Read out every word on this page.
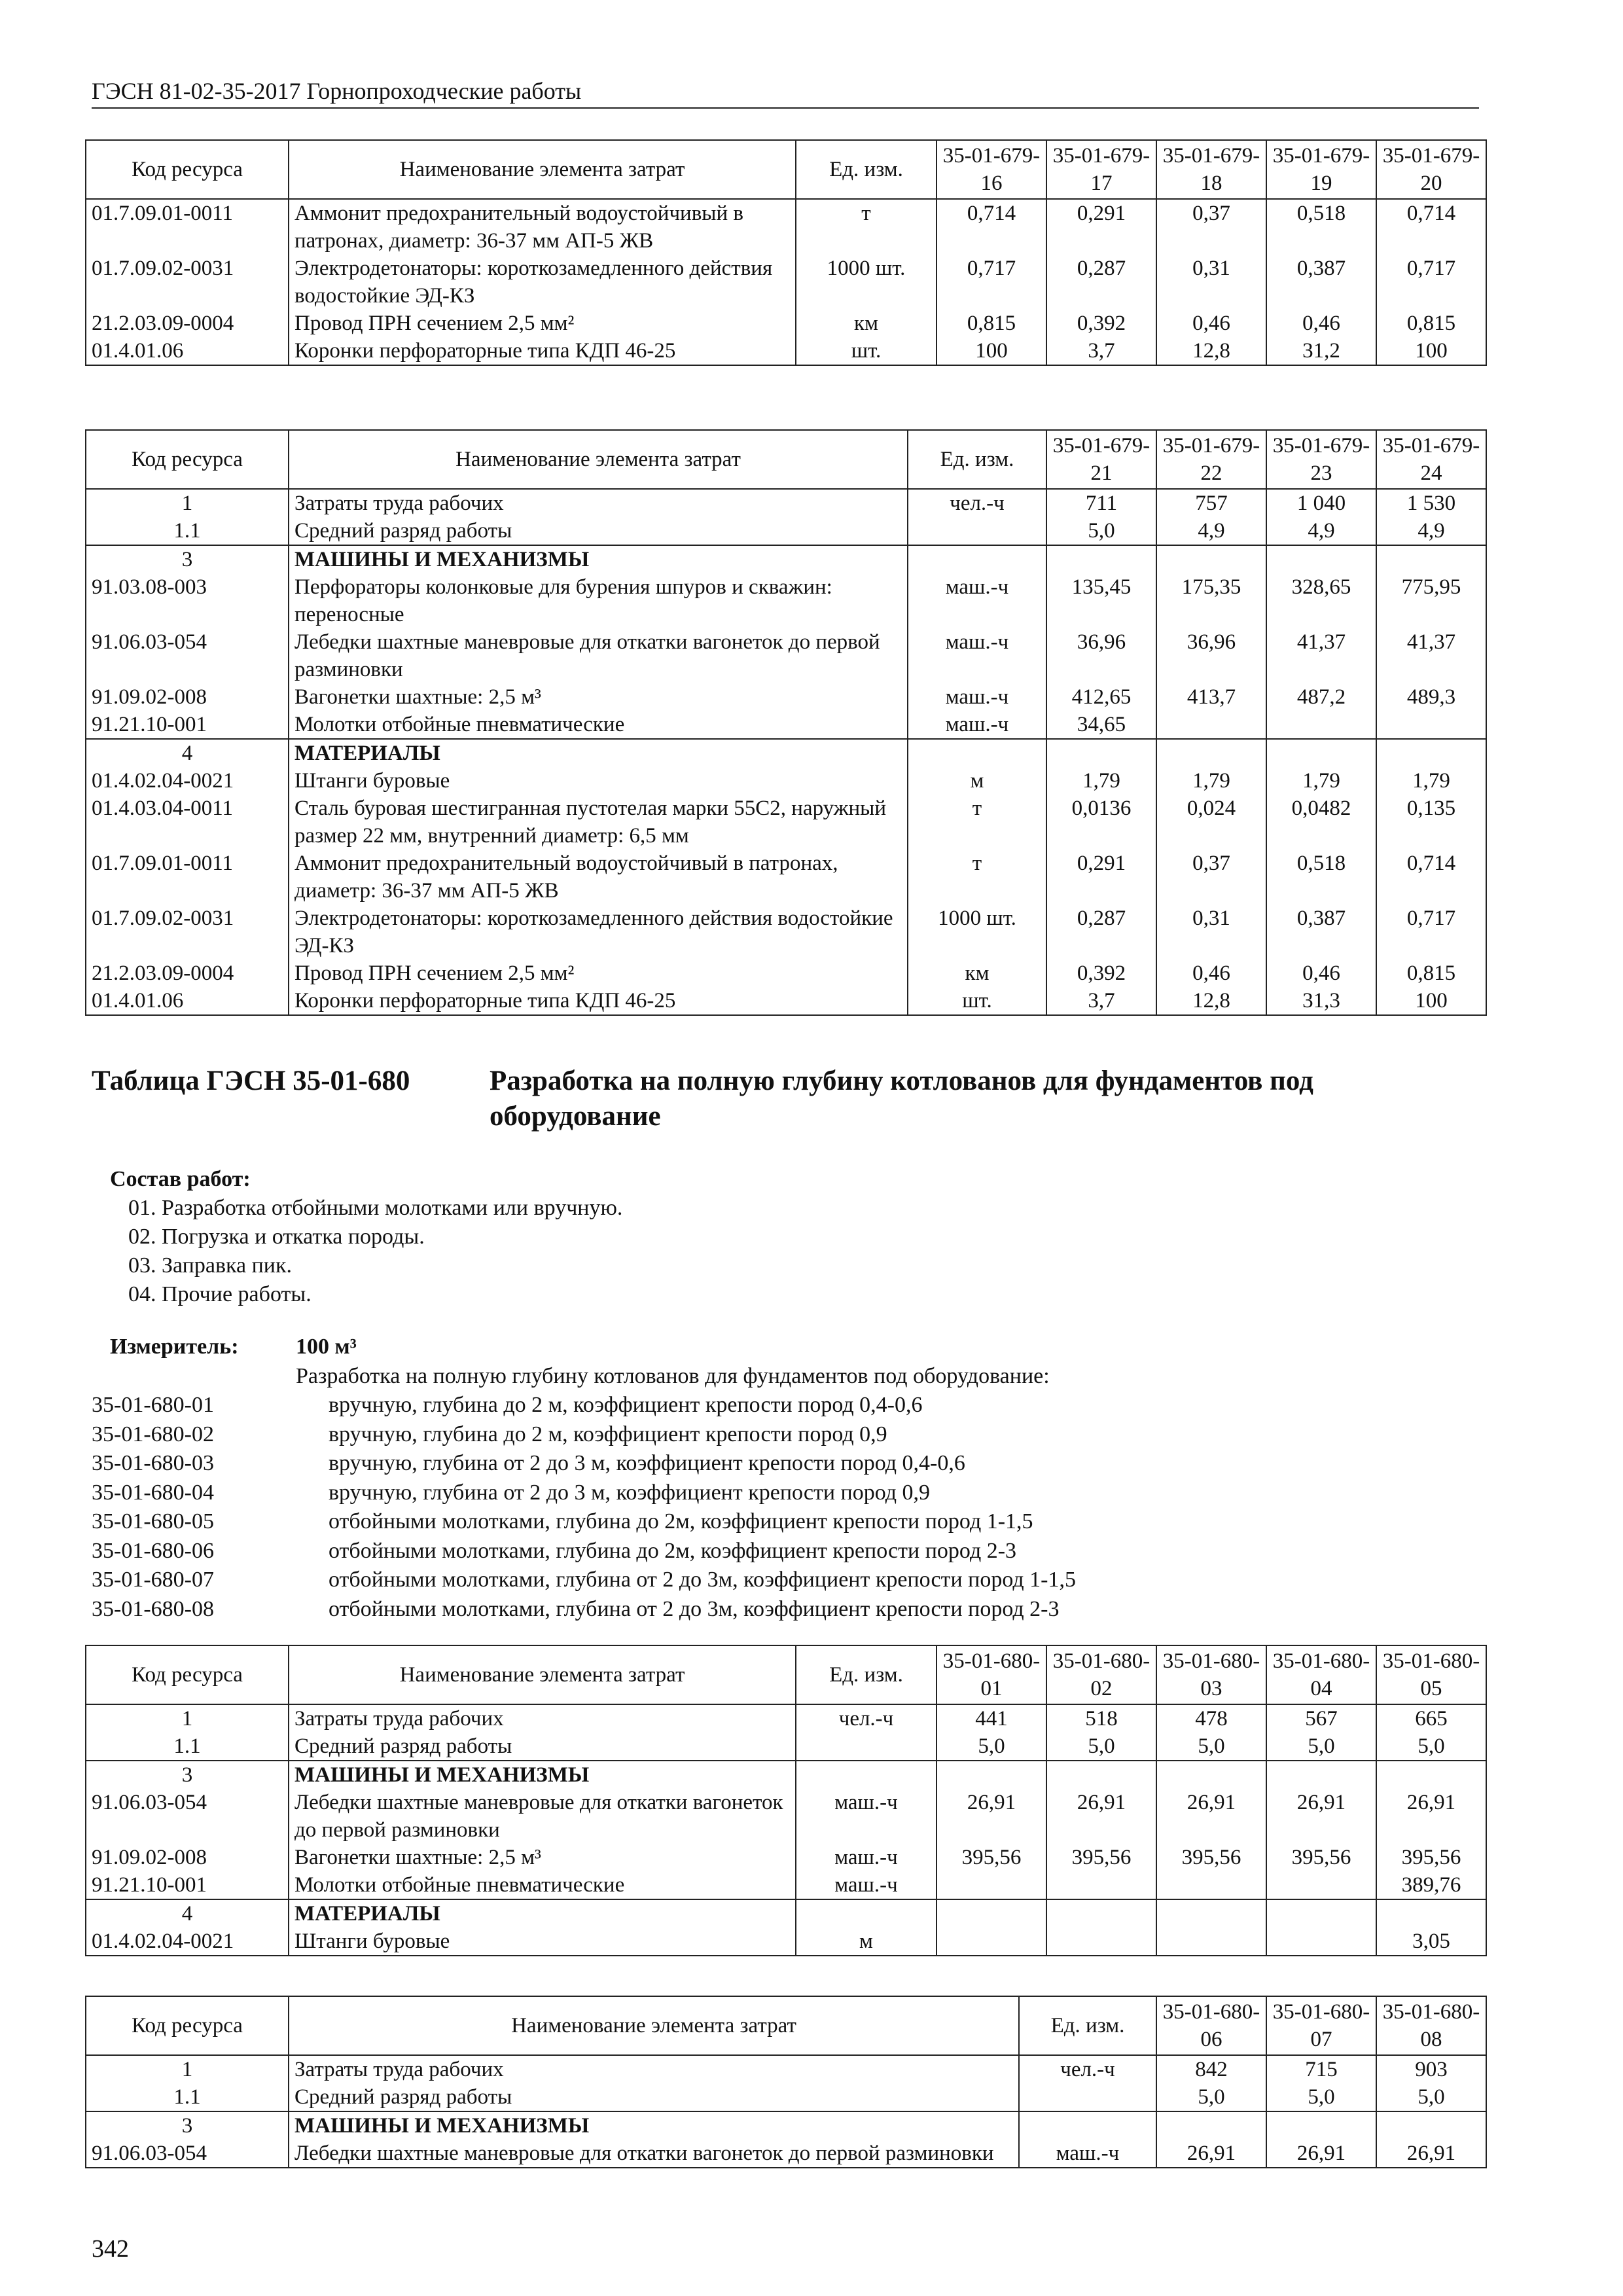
ГЭСН 81-02-35-2017 Горнопроходческие работы
Код ресурса	Наименование элемента затрат	Ед. изм.	35-01-679-16	35-01-679-17	35-01-679-18	35-01-679-19	35-01-679-20
01.7.09.01-0011	Аммонит предохранительный водоустойчивый в патронах, диаметр: 36-37 мм АП-5 ЖВ	т	0,714	0,291	0,37	0,518	0,714
01.7.09.02-0031	Электродетонаторы: короткозамедленного действия водостойкие ЭД-КЗ	1000 шт.	0,717	0,287	0,31	0,387	0,717
21.2.03.09-0004	Провод ПРН сечением 2,5 мм²	км	0,815	0,392	0,46	0,46	0,815
01.4.01.06	Коронки перфораторные типа КДП 46-25	шт.	100	3,7	12,8	31,2	100
Код ресурса	Наименование элемента затрат	Ед. изм.	35-01-679-21	35-01-679-22	35-01-679-23	35-01-679-24
1	Затраты труда рабочих	чел.-ч	711	757	1 040	1 530
1.1	Средний разряд работы		5,0	4,9	4,9	4,9
3	МАШИНЫ И МЕХАНИЗМЫ					
91.03.08-003	Перфораторы колонковые для бурения шпуров и скважин: переносные	маш.-ч	135,45	175,35	328,65	775,95
91.06.03-054	Лебедки шахтные маневровые для откатки вагонеток до первой разминовки	маш.-ч	36,96	36,96	41,37	41,37
91.09.02-008	Вагонетки шахтные: 2,5 м³	маш.-ч	412,65	413,7	487,2	489,3
91.21.10-001	Молотки отбойные пневматические	маш.-ч	34,65			
4	МАТЕРИАЛЫ					
01.4.02.04-0021	Штанги буровые	м	1,79	1,79	1,79	1,79
01.4.03.04-0011	Сталь буровая шестигранная пустотелая марки 55С2, наружный размер 22 мм, внутренний диаметр: 6,5 мм	т	0,0136	0,024	0,0482	0,135
01.7.09.01-0011	Аммонит предохранительный водоустойчивый в патронах, диаметр: 36-37 мм АП-5 ЖВ	т	0,291	0,37	0,518	0,714
01.7.09.02-0031	Электродетонаторы: короткозамедленного действия водостойкие ЭД-КЗ	1000 шт.	0,287	0,31	0,387	0,717
21.2.03.09-0004	Провод ПРН сечением 2,5 мм²	км	0,392	0,46	0,46	0,815
01.4.01.06	Коронки перфораторные типа КДП 46-25	шт.	3,7	12,8	31,3	100
Таблица ГЭСН 35-01-680	Разработка на полную глубину котлованов для фундаментов под оборудование
Состав работ:
01. Разработка отбойными молотками или вручную.
02. Погрузка и откатка породы.
03. Заправка пик.
04. Прочие работы.
Измеритель:	100 м³
Разработка на полную глубину котлованов для фундаментов под оборудование:
35-01-680-01	вручную, глубина до 2 м, коэффициент крепости пород 0,4-0,6
35-01-680-02	вручную, глубина до 2 м, коэффициент крепости пород 0,9
35-01-680-03	вручную, глубина от 2 до 3 м, коэффициент крепости пород 0,4-0,6
35-01-680-04	вручную, глубина от 2 до 3 м, коэффициент крепости пород 0,9
35-01-680-05	отбойными молотками, глубина до 2м, коэффициент крепости пород 1-1,5
35-01-680-06	отбойными молотками, глубина до 2м, коэффициент крепости пород 2-3
35-01-680-07	отбойными молотками, глубина от 2 до 3м, коэффициент крепости пород 1-1,5
35-01-680-08	отбойными молотками, глубина от 2 до 3м, коэффициент крепости пород 2-3
Код ресурса	Наименование элемента затрат	Ед. изм.	35-01-680-01	35-01-680-02	35-01-680-03	35-01-680-04	35-01-680-05
1	Затраты труда рабочих	чел.-ч	441	518	478	567	665
1.1	Средний разряд работы		5,0	5,0	5,0	5,0	5,0
3	МАШИНЫ И МЕХАНИЗМЫ						
91.06.03-054	Лебедки шахтные маневровые для откатки вагонеток до первой разминовки	маш.-ч	26,91	26,91	26,91	26,91	26,91
91.09.02-008	Вагонетки шахтные: 2,5 м³	маш.-ч	395,56	395,56	395,56	395,56	395,56
91.21.10-001	Молотки отбойные пневматические	маш.-ч					389,76
4	МАТЕРИАЛЫ						
01.4.02.04-0021	Штанги буровые	м					3,05
Код ресурса	Наименование элемента затрат	Ед. изм.	35-01-680-06	35-01-680-07	35-01-680-08
1	Затраты труда рабочих	чел.-ч	842	715	903
1.1	Средний разряд работы		5,0	5,0	5,0
3	МАШИНЫ И МЕХАНИЗМЫ				
91.06.03-054	Лебедки шахтные маневровые для откатки вагонеток до первой разминовки	маш.-ч	26,91	26,91	26,91
342
